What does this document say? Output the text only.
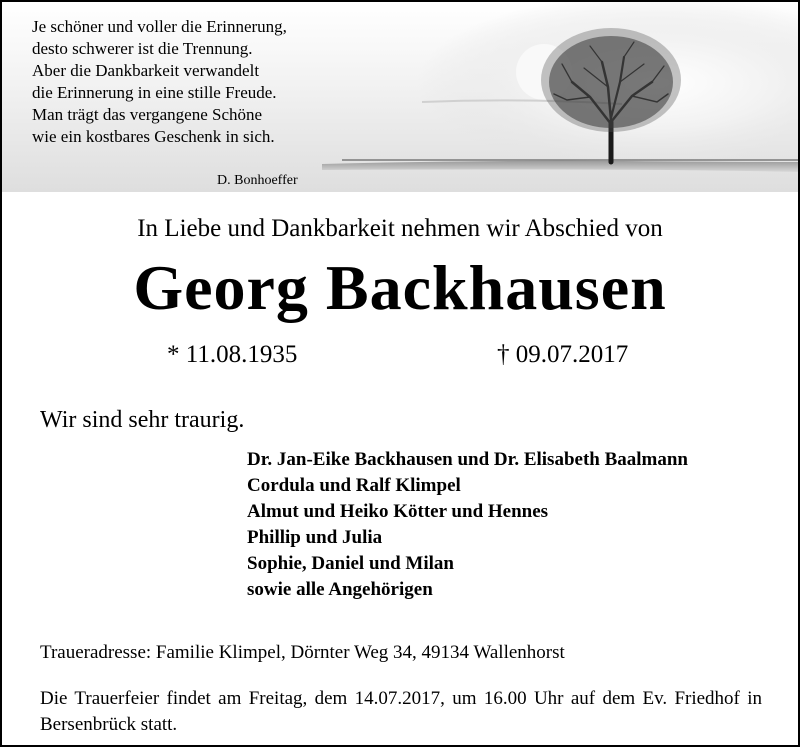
Je schöner und voller die Erinnerung,
desto schwerer ist die Trennung.
Aber die Dankbarkeit verwandelt
die Erinnerung in eine stille Freude.
Man trägt das vergangene Schöne
wie ein kostbares Geschenk in sich.
D. Bonhoeffer
In Liebe und Dankbarkeit nehmen wir Abschied von
Georg Backhausen
* 11.08.1935	† 09.07.2017
Wir sind sehr traurig.
Dr. Jan-Eike Backhausen und Dr. Elisabeth Baalmann
Cordula und Ralf Klimpel
Almut und Heiko Kötter und Hennes
Phillip und Julia
Sophie, Daniel und Milan
sowie alle Angehörigen
Traueradresse: Familie Klimpel, Dörnter Weg 34, 49134 Wallenhorst
Die Trauerfeier findet am Freitag, dem 14.07.2017, um 16.00 Uhr auf dem Ev. Friedhof in Bersenbrück statt.
